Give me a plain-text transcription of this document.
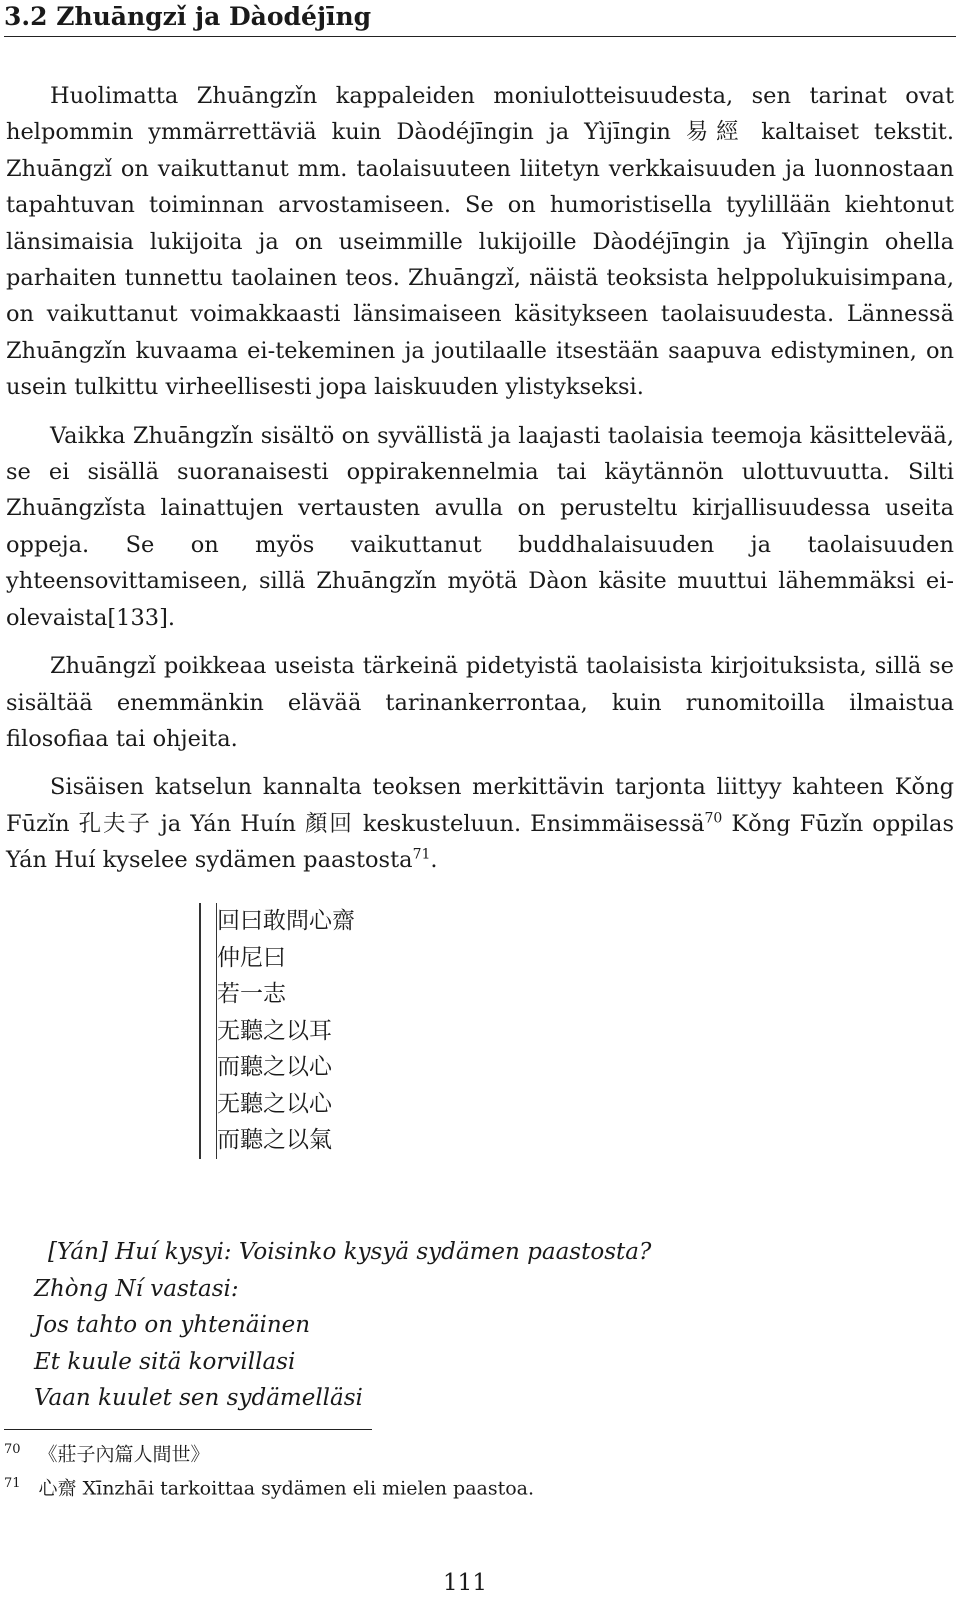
3.2 Zhuāngzǐ ja Dàodéjīng

Huolimatta Zhuāngzǐn kappaleiden moniulotteisuudesta, sen tarinat ovat helpommin ymmärrettäviä kuin Dàodéjīngin ja Yìjīngin 易經 kaltaiset tekstit. Zhuāngzǐ on vaikuttanut mm. taolaisuuteen liitetyn verkkaisuuden ja luonnostaan tapahtuvan toiminnan arvostamiseen. Se on humoristisella tyylillään kiehtonut länsimaisia lukijoita ja on useimmille lukijoille Dàodéjīngin ja Yìjīngin ohella parhaiten tunnettu taolainen teos. Zhuāngzǐ, näistä teoksista helppolukuisimpana, on vaikuttanut voimakkaasti länsimaiseen käsitykseen taolaisuudesta. Lännessä Zhuāngzǐn kuvaama ei-tekeminen ja joutilaalle itsestään saapuva edistyminen, on usein tulkittu virheellisesti jopa laiskuuden ylistykseksi.

Vaikka Zhuāngzǐn sisältö on syvällistä ja laajasti taolaisia teemoja käsittelevää, se ei sisällä suoranaisesti oppirakennelmia tai käytännön ulottuvuutta. Silti Zhuāngzǐsta lainattujen vertausten avulla on perusteltu kirjallisuudessa useita oppeja. Se on myös vaikuttanut buddhalaisuuden ja taolaisuuden yhteensovittamiseen, sillä Zhuāngzǐn myötä Dàon käsite muuttui lähemmäksi ei-olevaista[133].

Zhuāngzǐ poikkeaa useista tärkeinä pidetyistä taolaisista kirjoituksista, sillä se sisältää enemmänkin elävää tarinankerrontaa, kuin runomitoilla ilmaistua filosofiaa tai ohjeita.

Sisäisen katselun kannalta teoksen merkittävin tarjonta liittyy kahteen Kǒng Fūzǐn 孔夫子 ja Yán Huín 顏回 keskusteluun. Ensimmäisessä$^{70}$ Kǒng Fūzǐn oppilas Yán Huí kyselee sydämen paastosta$^{71}$.

回曰敢問心齋
仲尼曰
若一志
无聽之以耳
而聽之以心
无聽之以心
而聽之以氣
[Yán] Huí kysyi: Voisinko kysyä sydämen paastosta?
Zhòng Ní vastasi:
Jos tahto on yhtenäinen
Et kuule sitä korvillasi
Vaan kuulet sen sydämelläsi
$^{70}$ 《莊子內篇人間世》
$^{71}$ 心齋 Xīnzhāi tarkoittaa sydämen eli mielen paastoa.
111
